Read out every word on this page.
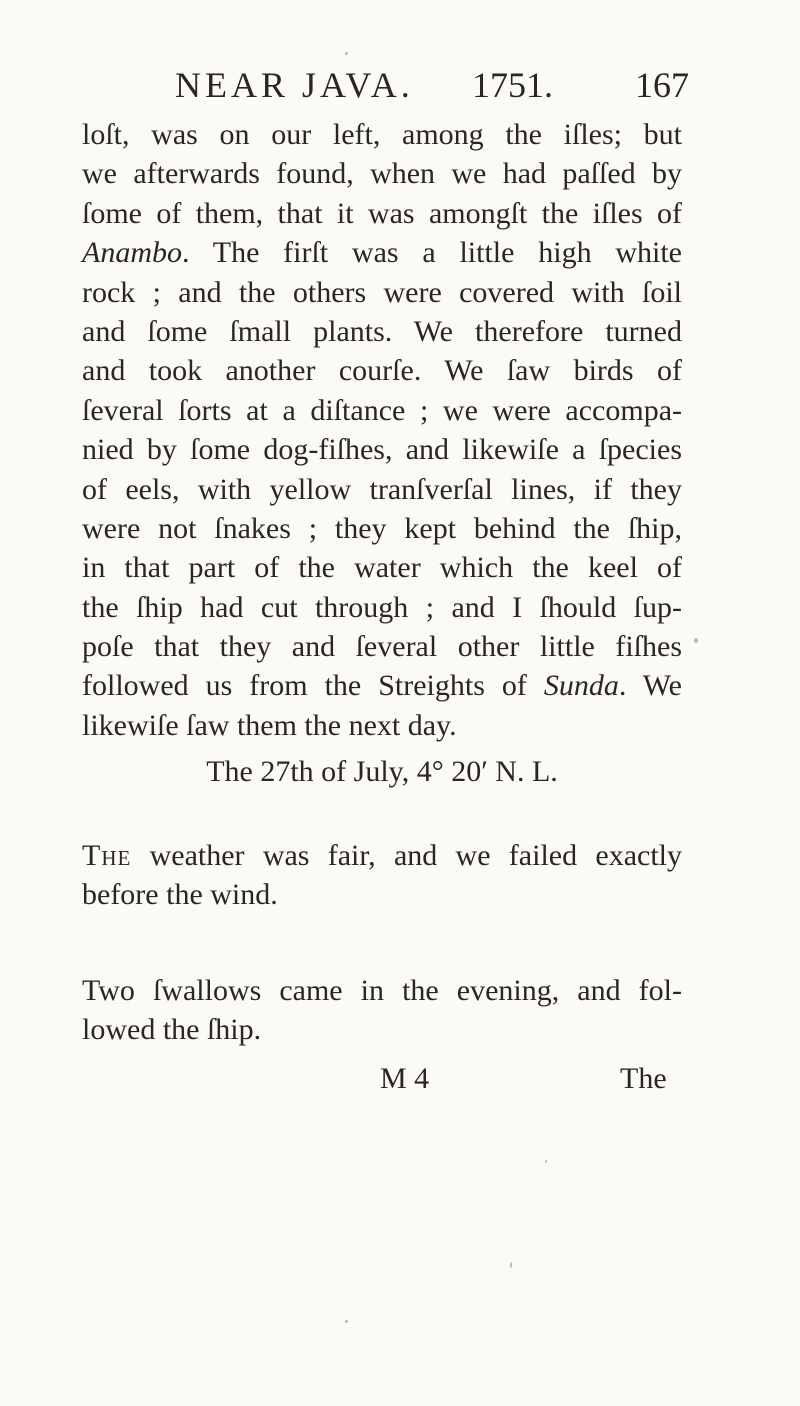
NEAR JAVA. 1751. 167
loſt, was on our left, among the iſles; but
we afterwards found, when we had paſſed by
ſome of them, that it was amongſt the iſles of
Anambo. The firſt was a little high white
rock ; and the others were covered with ſoil
and ſome ſmall plants. We therefore turned
and took another courſe. We ſaw birds of
ſeveral ſorts at a diſtance ; we were accompa-
nied by ſome dog-fiſhes, and likewiſe a ſpecies
of eels, with yellow tranſverſal lines, if they
were not ſnakes ; they kept behind the ſhip,
in that part of the water which the keel of
the ſhip had cut through ; and I ſhould ſup-
poſe that they and ſeveral other little fiſhes
followed us from the Streights of Sunda. We
likewiſe ſaw them the next day.
The 27th of July, 4° 20′ N. L.
The weather was fair, and we failed exactly
before the wind.
Two ſwallows came in the evening, and fol-
lowed the ſhip.
M 4	The
